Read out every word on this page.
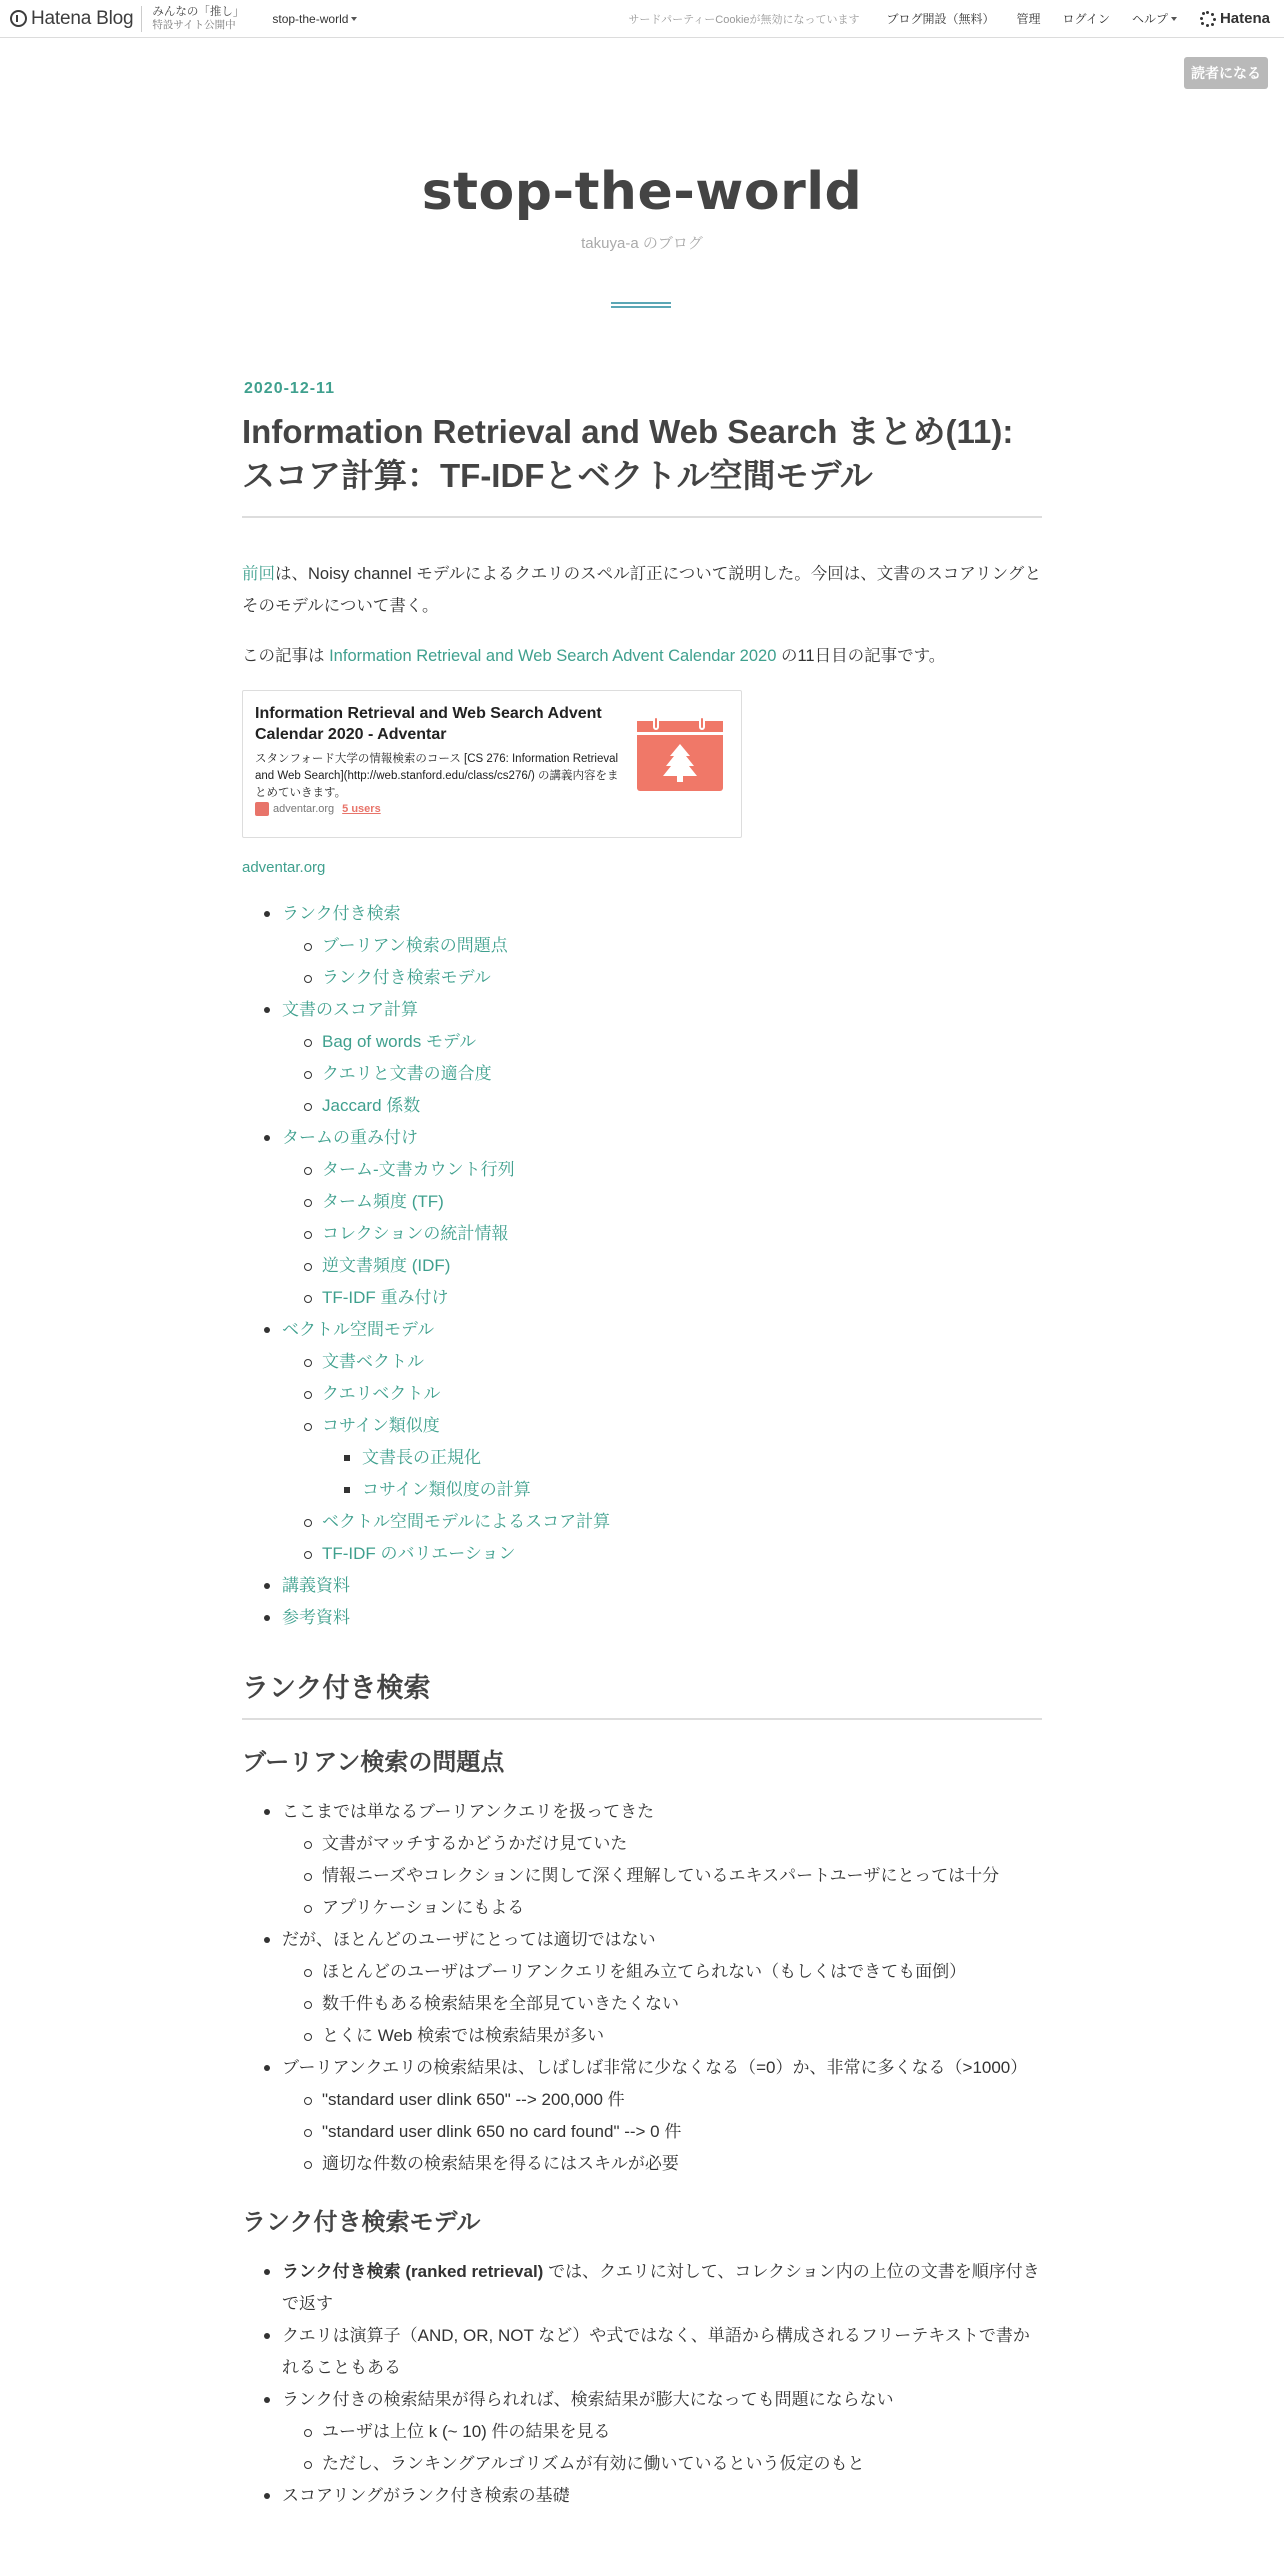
Hatena Blog みんなの「推し」
特設サイト公開中	stop-the-world	サードパーティーCookieが無効になっています ブログ開設（無料） 管理 ログイン ヘルプ	Hatena
読者になる
stop-the-world
takuya-a のブログ
2020-12-11
Information Retrieval and Web Search まとめ(11):
スコア計算：TF-IDFとベクトル空間モデル

前回は、Noisy channel モデルによるクエリのスペル訂正について説明した。今回は、文書のスコアリングとそのモデルについて書く。

この記事は Information Retrieval and Web Search Advent Calendar 2020 の11日目の記事です。

Information Retrieval and Web Search Advent Calendar 2020 - Adventar
スタンフォード大学の情報検索のコース [CS 276: Information Retrieval and Web Search](http://web.stanford.edu/class/cs276/) の講義内容をまとめていきます。
adventar.org 5 users
adventar.org
ランク付き検索
ブーリアン検索の問題点
ランク付き検索モデル
文書のスコア計算
Bag of words モデル
クエリと文書の適合度
Jaccard 係数
タームの重み付け
ターム-文書カウント行列
ターム頻度 (TF)
コレクションの統計情報
逆文書頻度 (IDF)
TF-IDF 重み付け
ベクトル空間モデル
文書ベクトル
クエリベクトル
コサイン類似度
文書長の正規化
コサイン類似度の計算
ベクトル空間モデルによるスコア計算
TF-IDF のバリエーション
講義資料
参考資料
ランク付き検索
ブーリアン検索の問題点
ここまでは単なるブーリアンクエリを扱ってきた
文書がマッチするかどうかだけ見ていた
情報ニーズやコレクションに関して深く理解しているエキスパートユーザにとっては十分
アプリケーションにもよる
だが、ほとんどのユーザにとっては適切ではない
ほとんどのユーザはブーリアンクエリを組み立てられない（もしくはできても面倒）
数千件もある検索結果を全部見ていきたくない
とくに Web 検索では検索結果が多い
ブーリアンクエリの検索結果は、しばしば非常に少なくなる（=0）か、非常に多くなる（>1000）
"standard user dlink 650" --> 200,000 件
"standard user dlink 650 no card found" --> 0 件
適切な件数の検索結果を得るにはスキルが必要
ランク付き検索モデル
ランク付き検索 (ranked retrieval) では、クエリに対して、コレクション内の上位の文書を順序付きで返す
クエリは演算子（AND, OR, NOT など）や式ではなく、単語から構成されるフリーテキストで書かれることもある
ランク付きの検索結果が得られれば、検索結果が膨大になっても問題にならない
ユーザは上位 k (~ 10) 件の結果を見る
ただし、ランキングアルゴリズムが有効に働いているという仮定のもと
スコアリングがランク付き検索の基礎
